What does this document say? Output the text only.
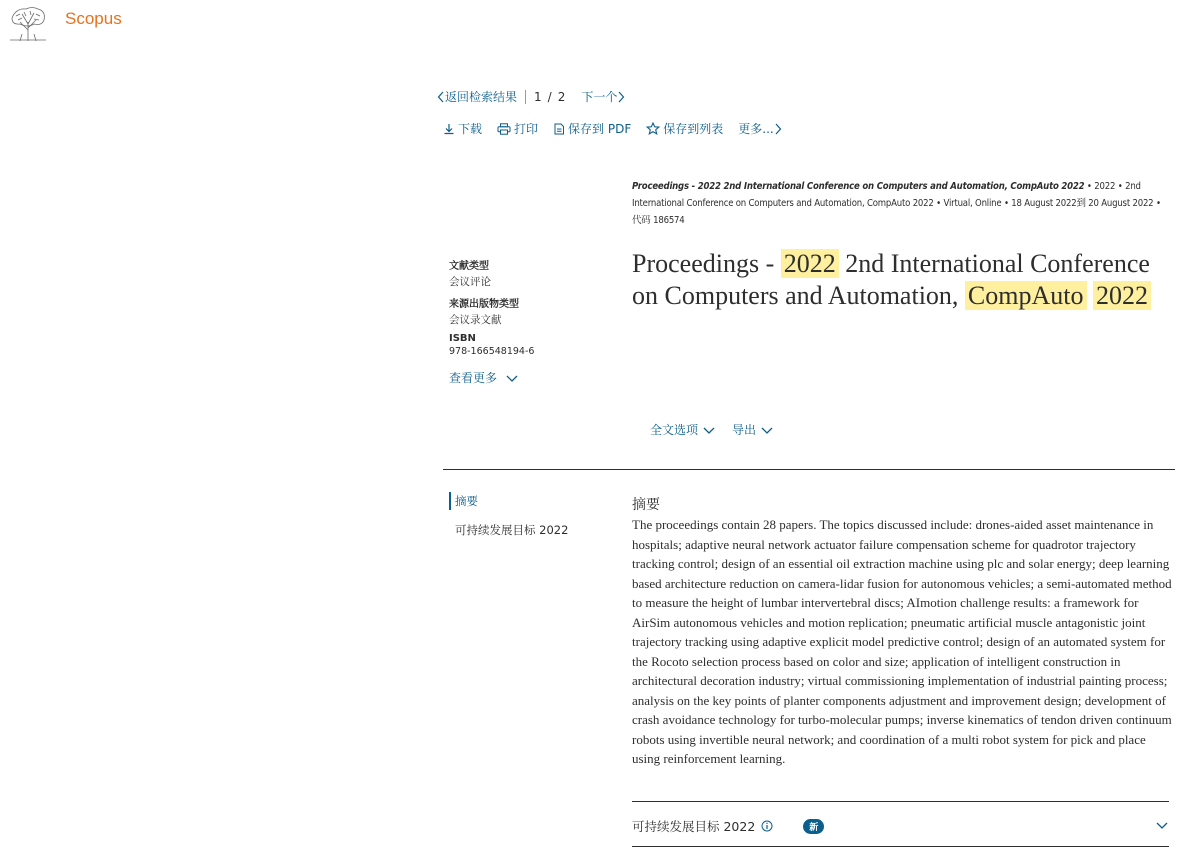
Scopus
返回检索结果 1 / 2 下一个
下载	打印	保存到 PDF	保存到列表 更多...
Proceedings - 2022 2nd International Conference on Computers and Automation, CompAuto 2022 • 2022 • 2nd International Conference on Computers and Automation, CompAuto 2022 • Virtual, Online • 18 August 2022到 20 August 2022 • 代码 186574
文献类型
会议评论
来源出版物类型
会议录文献
ISBN
978-166548194-6
查看更多
Proceedings - 2022 2nd International Conference on Computers and Automation, CompAuto 2022
全文选项	导出
摘要
可持续发展目标 2022
摘要
The proceedings contain 28 papers. The topics discussed include: drones-aided asset maintenance in hospitals; adaptive neural network actuator failure compensation scheme for quadrotor trajectory tracking control; design of an essential oil extraction machine using plc and solar energy; deep learning based architecture reduction on camera-lidar fusion for autonomous vehicles; a semi-automated method to measure the height of lumbar intervertebral discs; AImotion challenge results: a framework for AirSim autonomous vehicles and motion replication; pneumatic artificial muscle antagonistic joint trajectory tracking using adaptive explicit model predictive control; design of an automated system for the Rocoto selection process based on color and size; application of intelligent construction in architectural decoration industry; virtual commissioning implementation of industrial painting process; analysis on the key points of planter components adjustment and improvement design; development of crash avoidance technology for turbo-molecular pumps; inverse kinematics of tendon driven continuum robots using invertible neural network; and coordination of a multi robot system for pick and place using reinforcement learning.
可持续发展目标 2022	新
